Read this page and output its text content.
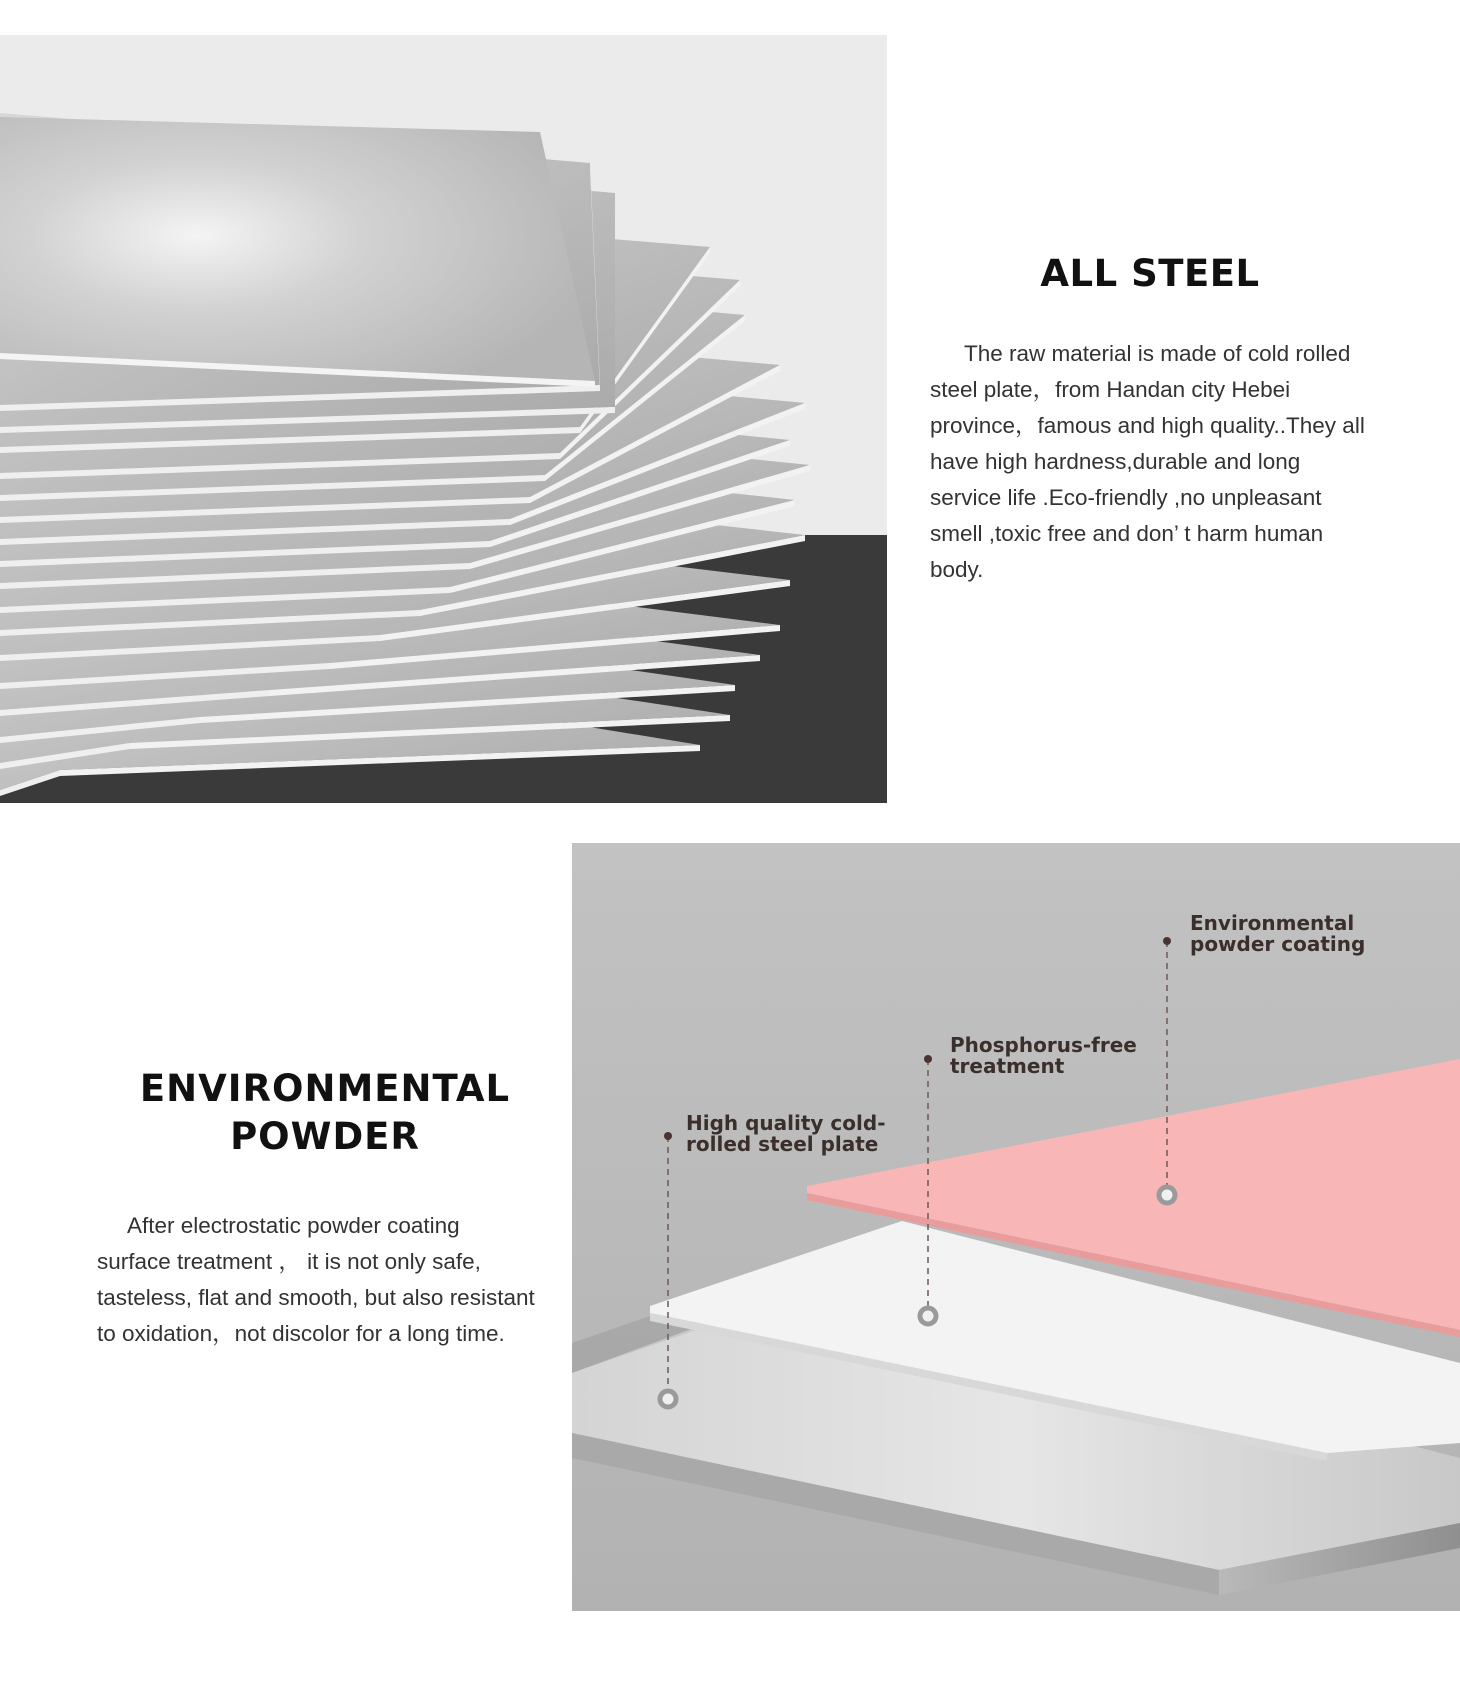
ALL STEEL

The raw material is made of cold rolled steel plate，from Handan city Hebei province，famous and high quality..They all have high hardness,durable and long service life .Eco-friendly ,no unpleasant smell ,toxic free and don’ t harm human body.

ENVIRONMENTAL
POWDER

After electrostatic powder coating surface treatment ， it is not only safe, tasteless, flat and smooth, but also resistant to oxidation，not discolor for a long time.

Environmental
powder coating
Phosphorus-free
treatment
High quality cold-
rolled steel plate
